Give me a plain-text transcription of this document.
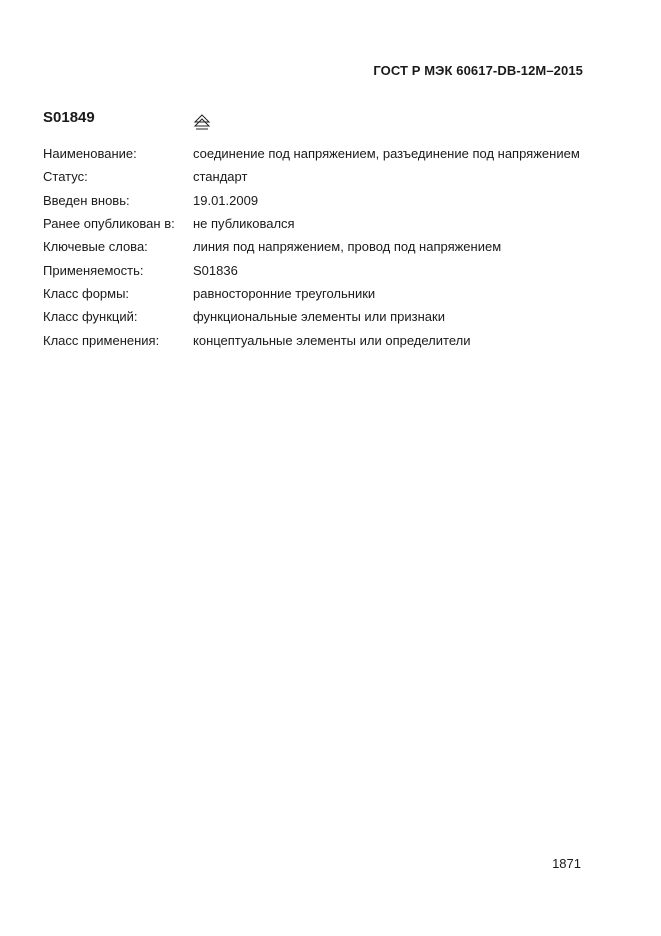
ГОСТ Р МЭК 60617-DB-12M–2015
S01849
Наименование:	соединение под напряжением, разъединение под напряжением
Статус:	стандарт
Введен вновь:	19.01.2009
Ранее опубликован в:	не публиковался
Ключевые слова:	линия под напряжением, провод под напряжением
Применяемость:	S01836
Класс формы:	равносторонние треугольники
Класс функций:	функциональные элементы или признаки
Класс применения:	концептуальные элементы или определители
1871
